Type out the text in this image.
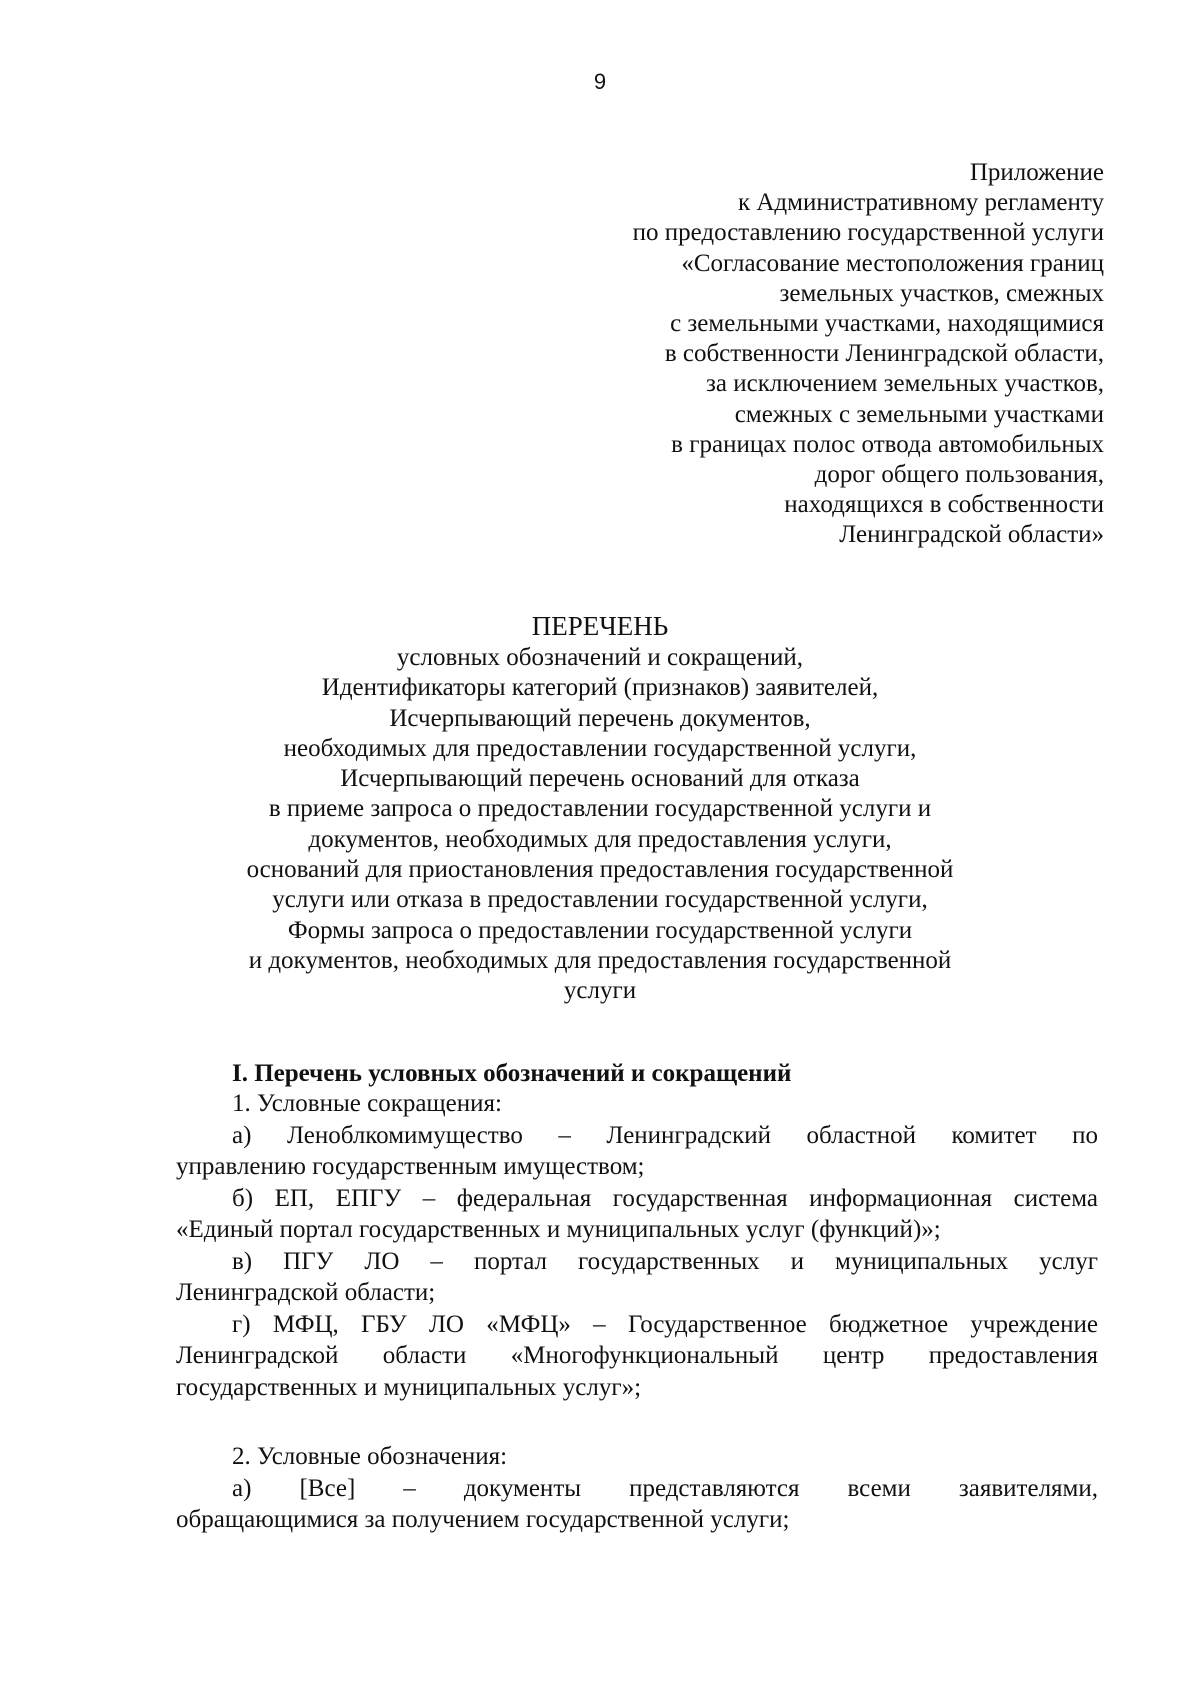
9
Приложение
к Административному регламенту
по предоставлению государственной услуги
«Согласование местоположения границ
земельных участков, смежных
с земельными участками, находящимися
в собственности Ленинградской области,
за исключением земельных участков,
смежных с земельными участками
в границах полос отвода автомобильных
дорог общего пользования,
находящихся в собственности
Ленинградской области»
ПЕРЕЧЕНЬ
условных обозначений и сокращений,
Идентификаторы категорий (признаков) заявителей,
Исчерпывающий перечень документов,
необходимых для предоставлении государственной услуги,
Исчерпывающий перечень оснований для отказа
в приеме запроса о предоставлении государственной услуги и
документов, необходимых для предоставления услуги,
оснований для приостановления предоставления государственной
услуги или отказа в предоставлении государственной услуги,
Формы запроса о предоставлении государственной услуги
и документов, необходимых для предоставления государственной
услуги
I. Перечень условных обозначений и сокращений
1. Условные сокращения:
а) Леноблкомимущество – Ленинградский областной комитет по
управлению государственным имуществом;
б) ЕП, ЕПГУ – федеральная государственная информационная система
«Единый портал государственных и муниципальных услуг (функций)»;
в) ПГУ ЛО – портал государственных и муниципальных услуг
Ленинградской области;
г) МФЦ, ГБУ ЛО «МФЦ» – Государственное бюджетное учреждение
Ленинградской области «Многофункциональный центр предоставления
государственных и муниципальных услуг»;
2. Условные обозначения:
а) [Все] – документы представляются всеми заявителями,
обращающимися за получением государственной услуги;
